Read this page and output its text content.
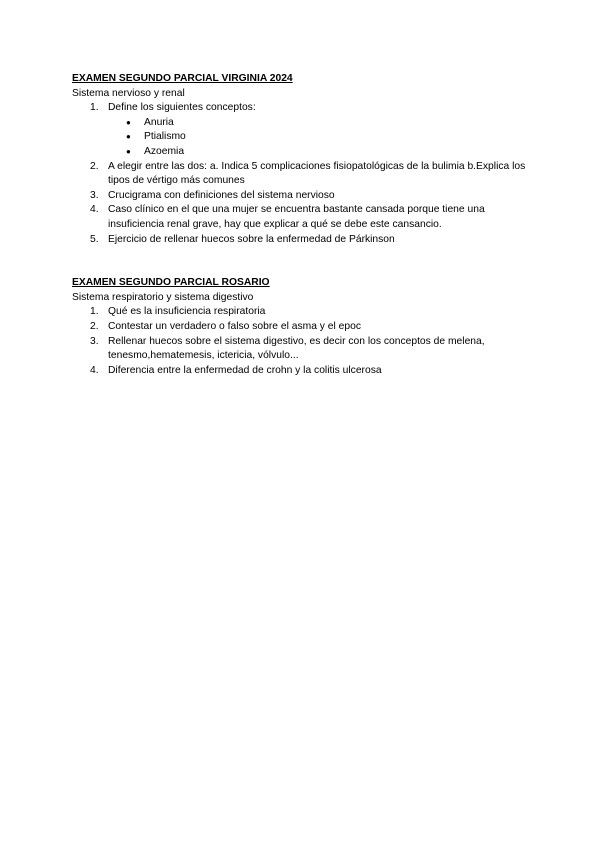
EXAMEN SEGUNDO PARCIAL VIRGINIA 2024

Sistema nervioso y renal

1. Define los siguientes conceptos:
● Anuria
● Ptialismo
● Azoemia
2. A elegir entre las dos: a. Indica 5 complicaciones fisiopatológicas de la bulimia b.Explica los tipos de vértigo más comunes
3. Crucigrama con definiciones del sistema nervioso
4. Caso clínico en el que una mujer se encuentra bastante cansada porque tiene una insuficiencia renal grave, hay que explicar a qué se debe este cansancio.
5. Ejercicio de rellenar huecos sobre la enfermedad de Párkinson

EXAMEN SEGUNDO PARCIAL ROSARIO

Sistema respiratorio y sistema digestivo

1. Qué es la insuficiencia respiratoria
2. Contestar un verdadero o falso sobre el asma y el epoc
3. Rellenar huecos sobre el sistema digestivo, es decir con los conceptos de melena, tenesmo,hematemesis, ictericia, vólvulo...
4. Diferencia entre la enfermedad de crohn y la colitis ulcerosa
